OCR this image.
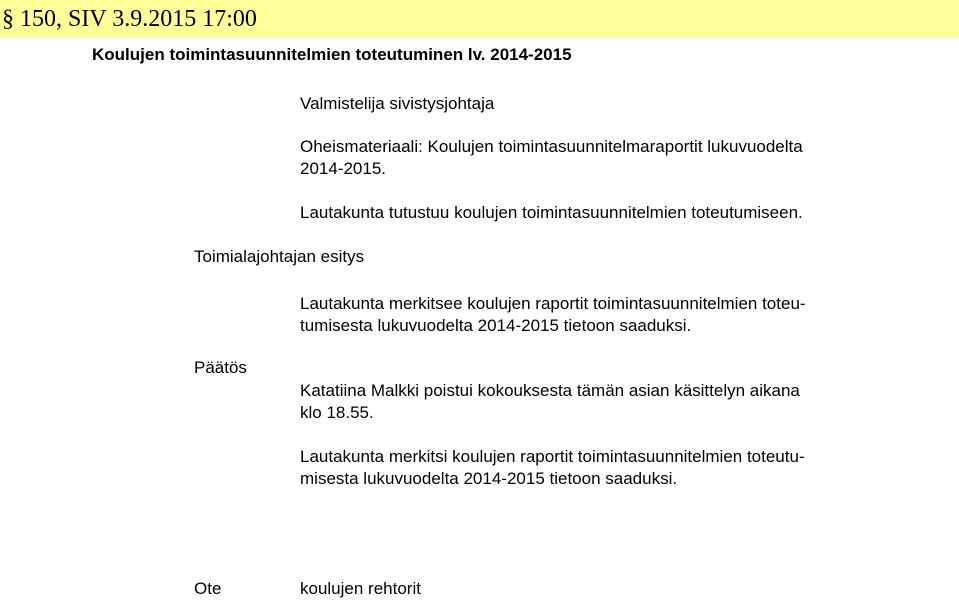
§ 150, SIV 3.9.2015 17:00
Koulujen toimintasuunnitelmien toteutuminen lv. 2014-2015
Valmistelija sivistysjohtaja
Oheismateriaali: Koulujen toimintasuunnitelmaraportit lukuvuodelta
2014-2015.
Lautakunta tutustuu koulujen toimintasuunnitelmien toteutumiseen.
Toimialajohtajan esitys
Lautakunta merkitsee koulujen raportit toimintasuunnitelmien toteu-
tumisesta lukuvuodelta 2014-2015 tietoon saaduksi.
Päätös
Katatiina Malkki poistui kokouksesta tämän asian käsittelyn aikana
klo 18.55.
Lautakunta merkitsi koulujen raportit toimintasuunnitelmien toteutu-
misesta lukuvuodelta 2014-2015 tietoon saaduksi.
Ote	koulujen rehtorit
